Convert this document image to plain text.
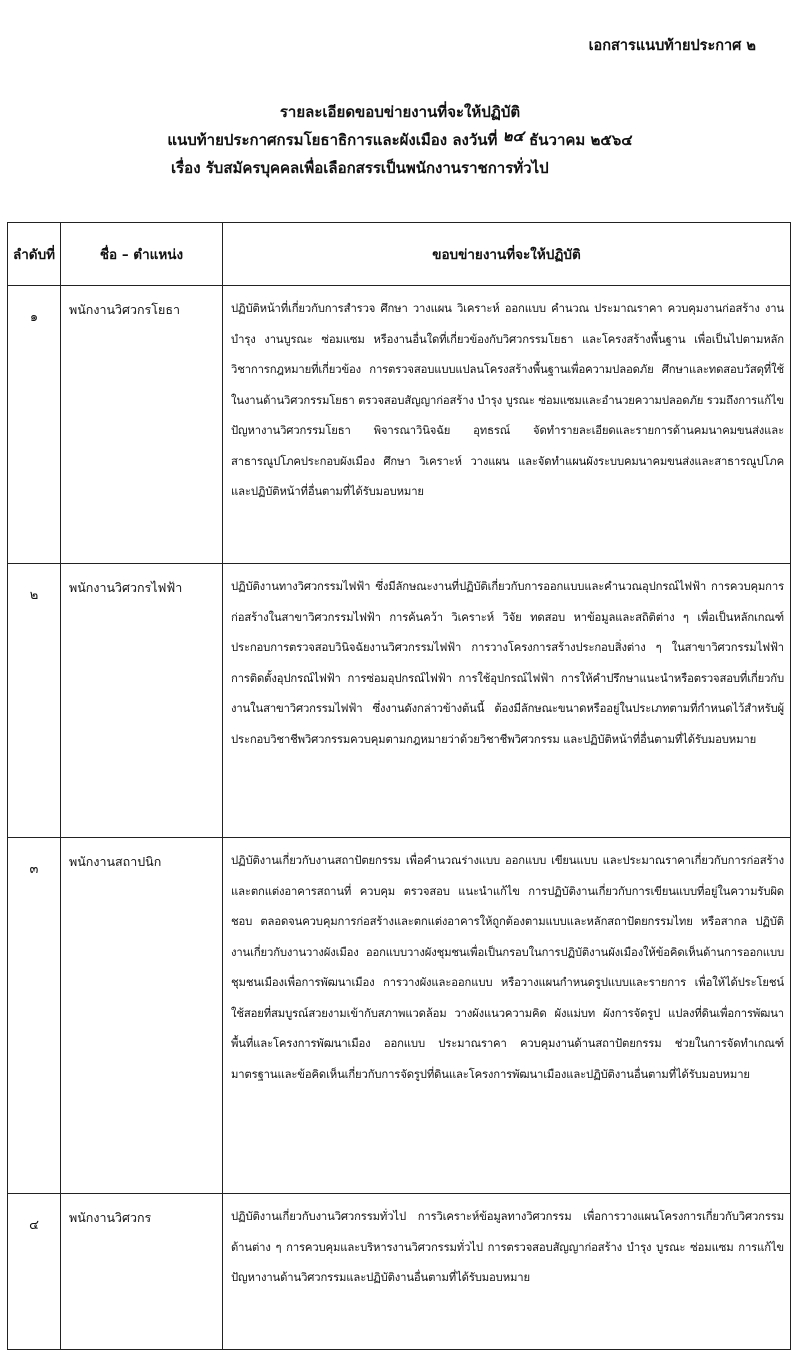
เอกสารแนบท้ายประกาศ ๒
รายละเอียดขอบข่ายงานที่จะให้ปฏิบัติ
แนบท้ายประกาศกรมโยธาธิการและผังเมือง ลงวันที่ ๒๔ ธันวาคม ๒๕๖๔
เรื่อง รับสมัครบุคคลเพื่อเลือกสรรเป็นพนักงานราชการทั่วไป
ลำดับที่	ชื่อ – ตำแหน่ง	ขอบข่ายงานที่จะให้ปฏิบัติ
๑	พนักงานวิศวกรโยธา	ปฏิบัติหน้าที่เกี่ยวกับการสำรวจ ศึกษา วางแผน วิเคราะห์ ออกแบบ คำนวณ ประมาณราคา ควบคุมงานก่อสร้าง งานบำรุง งานบูรณะ ซ่อมแซม หรืองานอื่นใดที่เกี่ยวข้องกับวิศวกรรมโยธา และโครงสร้างพื้นฐาน เพื่อเป็นไปตามหลักวิชาการกฎหมายที่เกี่ยวข้อง การตรวจสอบแบบแปลนโครงสร้างพื้นฐานเพื่อความปลอดภัย ศึกษาและทดสอบวัสดุที่ใช้ในงานด้านวิศวกรรมโยธา ตรวจสอบสัญญาก่อสร้าง บำรุง บูรณะ ซ่อมแซมและอำนวยความปลอดภัย รวมถึงการแก้ไขปัญหางานวิศวกรรมโยธา พิจารณาวินิจฉัย อุทธรณ์ จัดทำรายละเอียดและรายการด้านคมนาคมขนส่งและสาธารณูปโภคประกอบผังเมือง ศึกษา วิเคราะห์ วางแผน และจัดทำแผนผังระบบคมนาคมขนส่งและสาธารณูปโภค และปฏิบัติหน้าที่อื่นตามที่ได้รับมอบหมาย
๒	พนักงานวิศวกรไฟฟ้า	ปฏิบัติงานทางวิศวกรรมไฟฟ้า ซึ่งมีลักษณะงานที่ปฏิบัติเกี่ยวกับการออกแบบและคำนวณอุปกรณ์ไฟฟ้า การควบคุมการก่อสร้างในสาขาวิศวกรรมไฟฟ้า การค้นคว้า วิเคราะห์ วิจัย ทดสอบ หาข้อมูลและสถิติต่าง ๆ เพื่อเป็นหลักเกณฑ์ประกอบการตรวจสอบวินิจฉัยงานวิศวกรรมไฟฟ้า การวางโครงการสร้างประกอบสิ่งต่าง ๆ ในสาขาวิศวกรรมไฟฟ้า การติดตั้งอุปกรณ์ไฟฟ้า การซ่อมอุปกรณ์ไฟฟ้า การใช้อุปกรณ์ไฟฟ้า การให้คำปรึกษาแนะนำหรือตรวจสอบที่เกี่ยวกับงานในสาขาวิศวกรรมไฟฟ้า ซึ่งงานดังกล่าวข้างต้นนี้ ต้องมีลักษณะขนาดหรืออยู่ในประเภทตามที่กำหนดไว้สำหรับผู้ประกอบวิชาชีพวิศวกรรมควบคุมตามกฎหมายว่าด้วยวิชาชีพวิศวกรรม และปฏิบัติหน้าที่อื่นตามที่ได้รับมอบหมาย
๓	พนักงานสถาปนิก	ปฏิบัติงานเกี่ยวกับงานสถาปัตยกรรม เพื่อคำนวณร่างแบบ ออกแบบ เขียนแบบ และประมาณราคาเกี่ยวกับการก่อสร้างและตกแต่งอาคารสถานที่ ควบคุม ตรวจสอบ แนะนำแก้ไข การปฏิบัติงานเกี่ยวกับการเขียนแบบที่อยู่ในความรับผิดชอบ ตลอดจนควบคุมการก่อสร้างและตกแต่งอาคารให้ถูกต้องตามแบบและหลักสถาปัตยกรรมไทย หรือสากล ปฏิบัติงานเกี่ยวกับงานวางผังเมือง ออกแบบวางผังชุมชนเพื่อเป็นกรอบในการปฏิบัติงานผังเมืองให้ข้อคิดเห็นด้านการออกแบบชุมชนเมืองเพื่อการพัฒนาเมือง การวางผังและออกแบบ หรือวางแผนกำหนดรูปแบบและรายการ เพื่อให้ได้ประโยชน์ใช้สอยที่สมบูรณ์สวยงามเข้ากับสภาพแวดล้อม วางผังแนวความคิด ผังแม่บท ผังการจัดรูป แปลงที่ดินเพื่อการพัฒนาพื้นที่และโครงการพัฒนาเมือง ออกแบบ ประมาณราคา ควบคุมงานด้านสถาปัตยกรรม ช่วยในการจัดทำเกณฑ์มาตรฐานและข้อคิดเห็นเกี่ยวกับการจัดรูปที่ดินและโครงการพัฒนาเมืองและปฏิบัติงานอื่นตามที่ได้รับมอบหมาย
๔	พนักงานวิศวกร	ปฏิบัติงานเกี่ยวกับงานวิศวกรรมทั่วไป การวิเคราะห์ข้อมูลทางวิศวกรรม เพื่อการวางแผนโครงการเกี่ยวกับวิศวกรรมด้านต่าง ๆ การควบคุมและบริหารงานวิศวกรรมทั่วไป การตรวจสอบสัญญาก่อสร้าง บำรุง บูรณะ ซ่อมแซม การแก้ไขปัญหางานด้านวิศวกรรมและปฏิบัติงานอื่นตามที่ได้รับมอบหมาย
